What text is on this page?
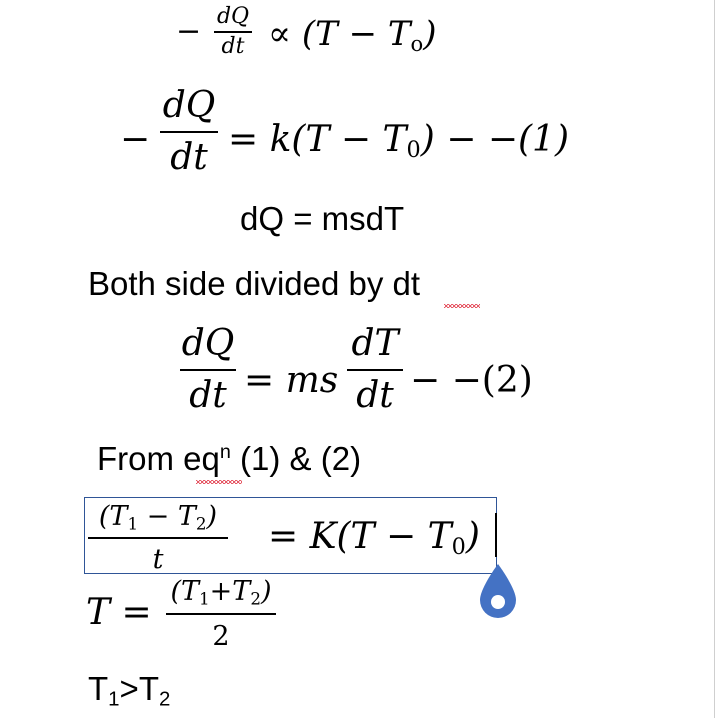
− dQ
dt ∝ $(T - T_o)$
−
dQ
dt = $k(T - T_0) - -(1)$
dQ = msdT
Both side divided by dt
dQ
dt = ms
dT
dt − −(2)
From $eq^n$ (1) & (2)
$(T_1 - T_2)$
t
= $K(T - T_0)$
T =
$(T_1+T_2)$
2
$T_1>T_2$
